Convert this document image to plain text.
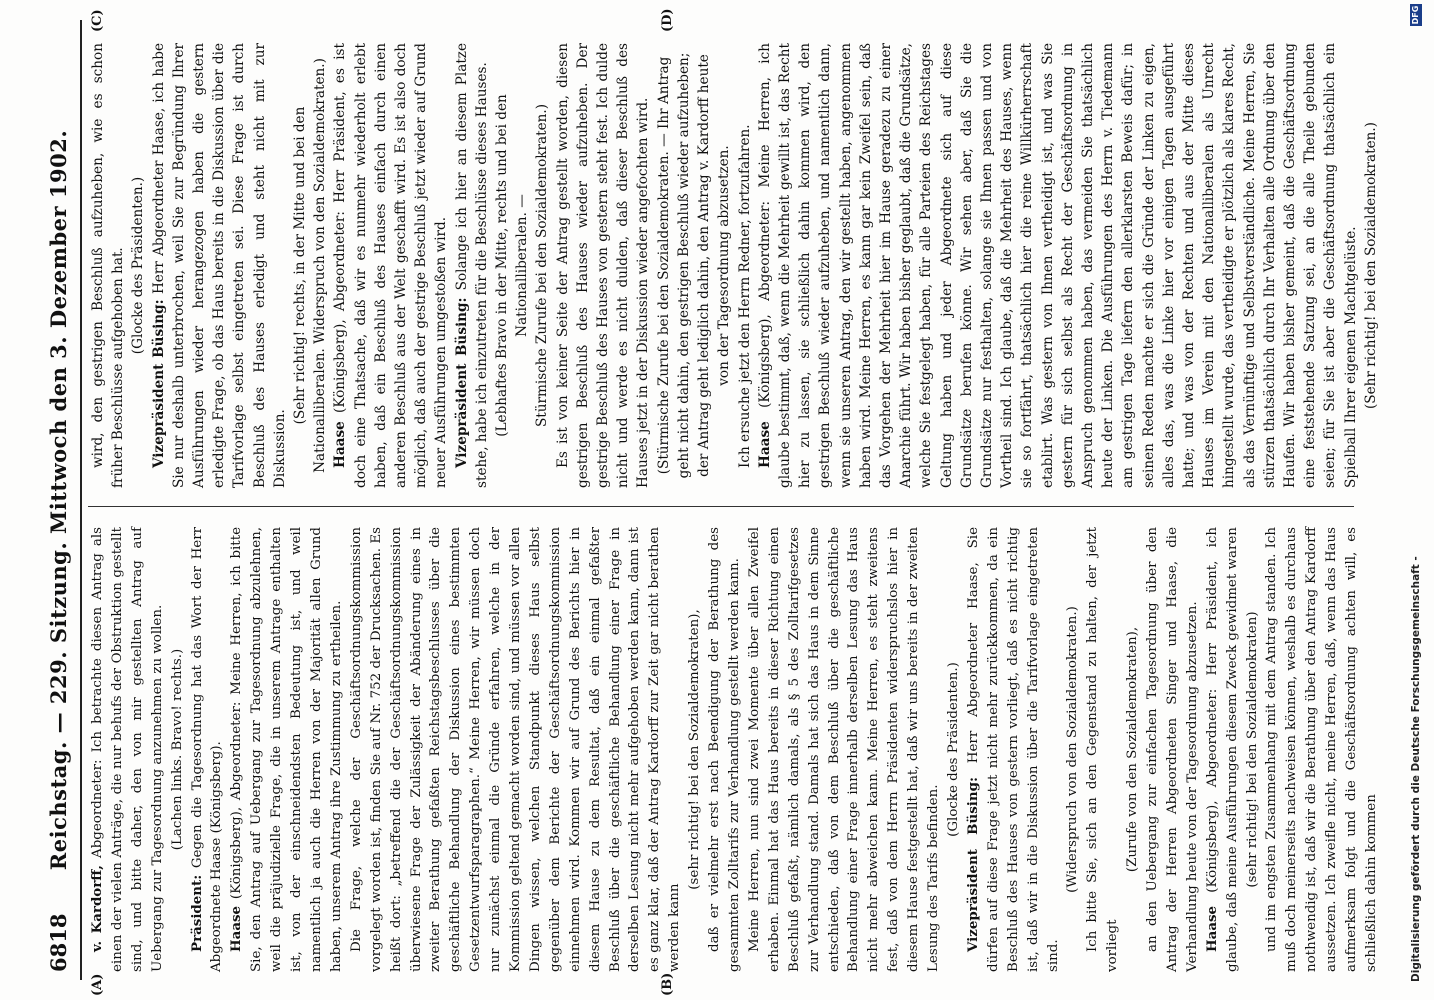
6818
Reichstag. — 229. Sitzung. Mittwoch den 3. Dezember 1902.
(A)	(B)
(C)	(D)

v. Kardorff, Abgeordneter: Ich betrachte diesen Antrag als einen der vielen Anträge, die nur behufs der Obstruktion gestellt sind, und bitte daher, den von mir gestellten Antrag auf Uebergang zur Tagesordnung anzunehmen zu wollen. (Lachen links. Bravo! rechts.)

Präsident: Gegen die Tagesordnung hat das Wort der Herr Abgeordnete Haase (Königsberg). Haase (Königsberg), Abgeordneter: Meine Herren, ich bitte Sie, den Antrag auf Uebergang zur Tagesordnung abzulehnen, weil die präjudizielle Frage, die in unserem Antrage enthalten ist, von der einschneidendsten Bedeutung ist, und weil namentlich ja auch die Herren von der Majorität allen Grund haben, unserem Antrag ihre Zustimmung zu ertheilen. Die Frage, welche der Geschäftsordnungskommission vorgelegt worden ist, finden Sie auf Nr. 752 der Drucksachen. Es heißt dort: „betreffend die der Geschäftsordnungskommission überwiesene Frage der Zulässigkeit der Abänderung eines in zweiter Berathung gefaßten Reichstagsbeschlusses über die geschäftliche Behandlung der Diskussion eines bestimmten Gesetzentwurfsparagraphen.“ Meine Herren, wir müssen doch nur zunächst einmal die Gründe erfahren, welche in der Kommission geltend gemacht worden sind, und müssen vor allen Dingen wissen, welchen Standpunkt dieses Haus selbst gegenüber dem Berichte der Geschäftsordnungskommission einnehmen wird. Kommen wir auf Grund des Berichts hier in diesem Hause zu dem Resultat, daß ein einmal gefaßter Beschluß über die geschäftliche Behandlung einer Frage in derselben Lesung nicht mehr aufgehoben werden kann, dann ist es ganz klar, daß der Antrag Kardorff zur Zeit gar nicht berathen werden kann

(sehr richtig! bei den Sozialdemokraten), daß er vielmehr erst nach Beendigung der Berathung des gesammten Zolltarifs zur Verhandlung gestellt werden kann. Meine Herren, nun sind zwei Momente über allen Zweifel erhaben. Einmal hat das Haus bereits in dieser Richtung einen Beschluß gefaßt, nämlich damals, als § 5 des Zolltarifgesetzes zur Verhandlung stand. Damals hat sich das Haus in dem Sinne entschieden, daß von dem Beschluß über die geschäftliche Behandlung einer Frage innerhalb derselben Lesung das Haus nicht mehr abweichen kann. Meine Herren, es steht zweitens fest, daß von dem Herrn Präsidenten widerspruchslos hier in diesem Hause festgestellt hat, daß wir uns bereits in der zweiten Lesung des Tarifs befinden.

(Glocke des Präsidenten.)

Vizepräsident Büsing: Herr Abgeordneter Haase, Sie dürfen auf diese Frage jetzt nicht mehr zurückkommen, da ein Beschluß des Hauses von gestern vorliegt, daß es nicht richtig ist, daß wir in die Diskussion über die Tarifvorlage eingetreten sind.

(Widerspruch von den Sozialdemokraten.) Ich bitte Sie, sich an den Gegenstand zu halten, der jetzt vorliegt

(Zurufe von den Sozialdemokraten), an den Uebergang zur einfachen Tagesordnung über den Antrag der Herren Abgeordneten Singer und Haase, die Verhandlung heute von der Tagesordnung abzusetzen. Haase (Königsberg), Abgeordneter: Herr Präsident, ich glaube, daß meine Ausführungen diesem Zweck gewidmet waren (sehr richtig! bei den Sozialdemokraten) und im engsten Zusammenhang mit dem Antrag standen. Ich muß doch meinerseits nachweisen können, weshalb es durchaus nothwendig ist, daß wir die Berathung über den Antrag Kardorff aussetzen. Ich zweifle nicht, meine Herren, daß, wenn das Haus aufmerksam folgt und die Geschäftsordnung achten will, es schließlich dahin kommen

wird, den gestrigen Beschluß aufzuheben, wie es schon früher Beschlüsse aufgehoben hat. (Glocke des Präsidenten.)

Vizepräsident Büsing: Herr Abgeordneter Haase, ich habe Sie nur deshalb unterbrochen, weil Sie zur Begründung Ihrer Ausführungen wieder herangezogen haben die gestern erledigte Frage, ob das Haus bereits in die Diskussion über die Tarifvorlage selbst eingetreten sei. Diese Frage ist durch Beschluß des Hauses erledigt und steht nicht mit zur Diskussion.

(Sehr richtig! rechts, in der Mitte und bei den Nationalliberalen. Widerspruch von den Sozialdemokraten.) Haase (Königsberg), Abgeordneter: Herr Präsident, es ist doch eine Thatsache, daß wir es nunmehr wiederholt erlebt haben, daß ein Beschluß des Hauses einfach durch einen anderen Beschluß aus der Welt geschafft wird. Es ist also doch möglich, daß auch der gestrige Beschluß jetzt wieder auf Grund neuer Ausführungen umgestoßen wird. Vizepräsident Büsing: Solange ich hier an diesem Platze stehe, habe ich einzutreten für die Beschlüsse dieses Hauses. (Lebhaftes Bravo in der Mitte, rechts und bei den Nationalliberalen. — Stürmische Zurufe bei den Sozialdemokraten.) Es ist von keiner Seite der Antrag gestellt worden, diesen gestrigen Beschluß des Hauses wieder aufzuheben. Der gestrige Beschluß des Hauses von gestern steht fest. Ich dulde nicht und werde es nicht dulden, daß dieser Beschluß des Hauses jetzt in der Diskussion wieder angefochten wird. (Stürmische Zurufe bei den Sozialdemokraten. — Ihr Antrag geht nicht dahin, den gestrigen Beschluß wieder aufzuheben; der Antrag geht lediglich dahin, den Antrag v. Kardorff heute von der Tagesordnung abzusetzen. Ich ersuche jetzt den Herrn Redner, fortzufahren. Haase (Königsberg), Abgeordneter: Meine Herren, ich glaube bestimmt, daß, wenn die Mehrheit gewillt ist, das Recht hier zu lassen, sie schließlich dahin kommen wird, den gestrigen Beschluß wieder aufzuheben, und namentlich dann, wenn sie unseren Antrag, den wir gestellt haben, angenommen haben wird. Meine Herren, es kann gar kein Zweifel sein, daß das Vorgehen der Mehrheit hier im Hause geradezu zu einer Anarchie führt. Wir haben bisher geglaubt, daß die Grundsätze, welche Sie festgelegt haben, für alle Parteien des Reichstages Geltung haben und jeder Abgeordnete sich auf diese Grundsätze berufen könne. Wir sehen aber, daß Sie die Grundsätze nur festhalten, solange sie Ihnen passen und von Vortheil sind. Ich glaube, daß die Mehrheit des Hauses, wenn sie so fortfährt, thatsächlich hier die reine Willkürherrschaft etablirt. Was gestern von Ihnen vertheidigt ist, und was Sie gestern für sich selbst als Recht der Geschäftsordnung in Anspruch genommen haben, das vermeiden Sie thatsächlich heute der Linken. Die Ausführungen des Herrn v. Tiedemann am gestrigen Tage liefern den allerklarsten Beweis dafür; in seinen Reden machte er sich die Gründe der Linken zu eigen, alles das, was die Linke hier vor einigen Tagen ausgeführt hatte; und was von der Rechten und aus der Mitte dieses Hauses im Verein mit den Nationalliberalen als Unrecht hingestellt wurde, das vertheidigte er plötzlich als klares Recht, als das Vernünftige und Selbstverständliche. Meine Herren, Sie stürzen thatsächlich durch Ihr Verhalten alle Ordnung über den Haufen. Wir haben bisher gemeint, daß die Geschäftsordnung eine feststehende Satzung sei, an die alle Theile gebunden seien; für Sie ist aber die Geschäftsordnung thatsächlich ein Spielball Ihrer eigenen Machtgelüste. (Sehr richtig! bei den Sozialdemokraten.)

Digitalisierung gefördert durch die Deutsche Forschungsgemeinschaft -
DFG
